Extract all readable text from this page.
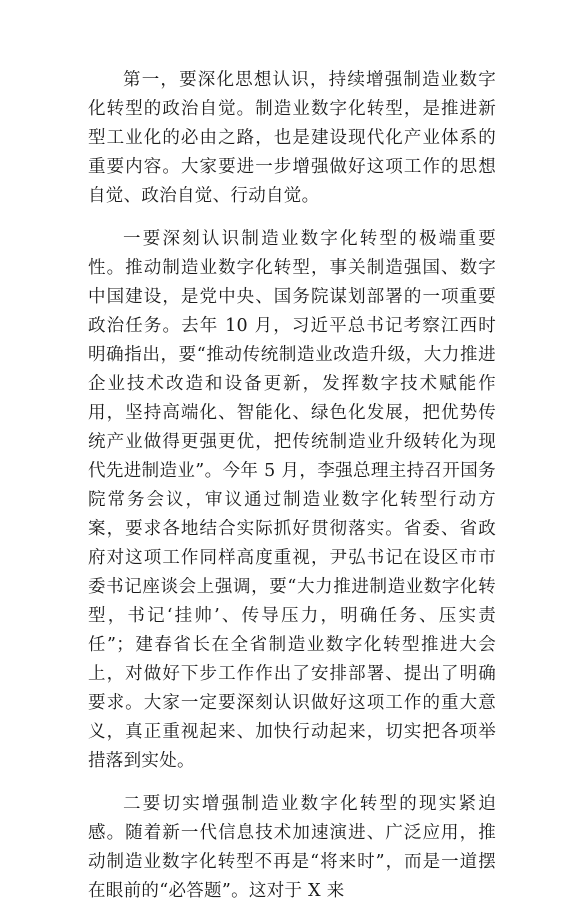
第一，要深化思想认识，持续增强制造业数字化转型的政治自觉。制造业数字化转型，是推进新型工业化的必由之路，也是建设现代化产业体系的重要内容。大家要进一步增强做好这项工作的思想自觉、政治自觉、行动自觉。

一要深刻认识制造业数字化转型的极端重要性。推动制造业数字化转型，事关制造强国、数字中国建设，是党中央、国务院谋划部署的一项重要政治任务。去年 10 月，习近平总书记考察江西时明确指出，要“推动传统制造业改造升级，大力推进企业技术改造和设备更新，发挥数字技术赋能作用，坚持高端化、智能化、绿色化发展，把优势传统产业做得更强更优，把传统制造业升级转化为现代先进制造业”。今年 5 月，李强总理主持召开国务院常务会议，审议通过制造业数字化转型行动方案，要求各地结合实际抓好贯彻落实。省委、省政府对这项工作同样高度重视，尹弘书记在设区市市委书记座谈会上强调，要“大力推进制造业数字化转型，书记‘挂帅’、传导压力，明确任务、压实责任”；建春省长在全省制造业数字化转型推进大会上，对做好下步工作作出了安排部署、提出了明确要求。大家一定要深刻认识做好这项工作的重大意义，真正重视起来、加快行动起来，切实把各项举措落到实处。

二要切实增强制造业数字化转型的现实紧迫感。随着新一代信息技术加速演进、广泛应用，推动制造业数字化转型不再是“将来时”，而是一道摆在眼前的“必答题”。这对于 X 来
